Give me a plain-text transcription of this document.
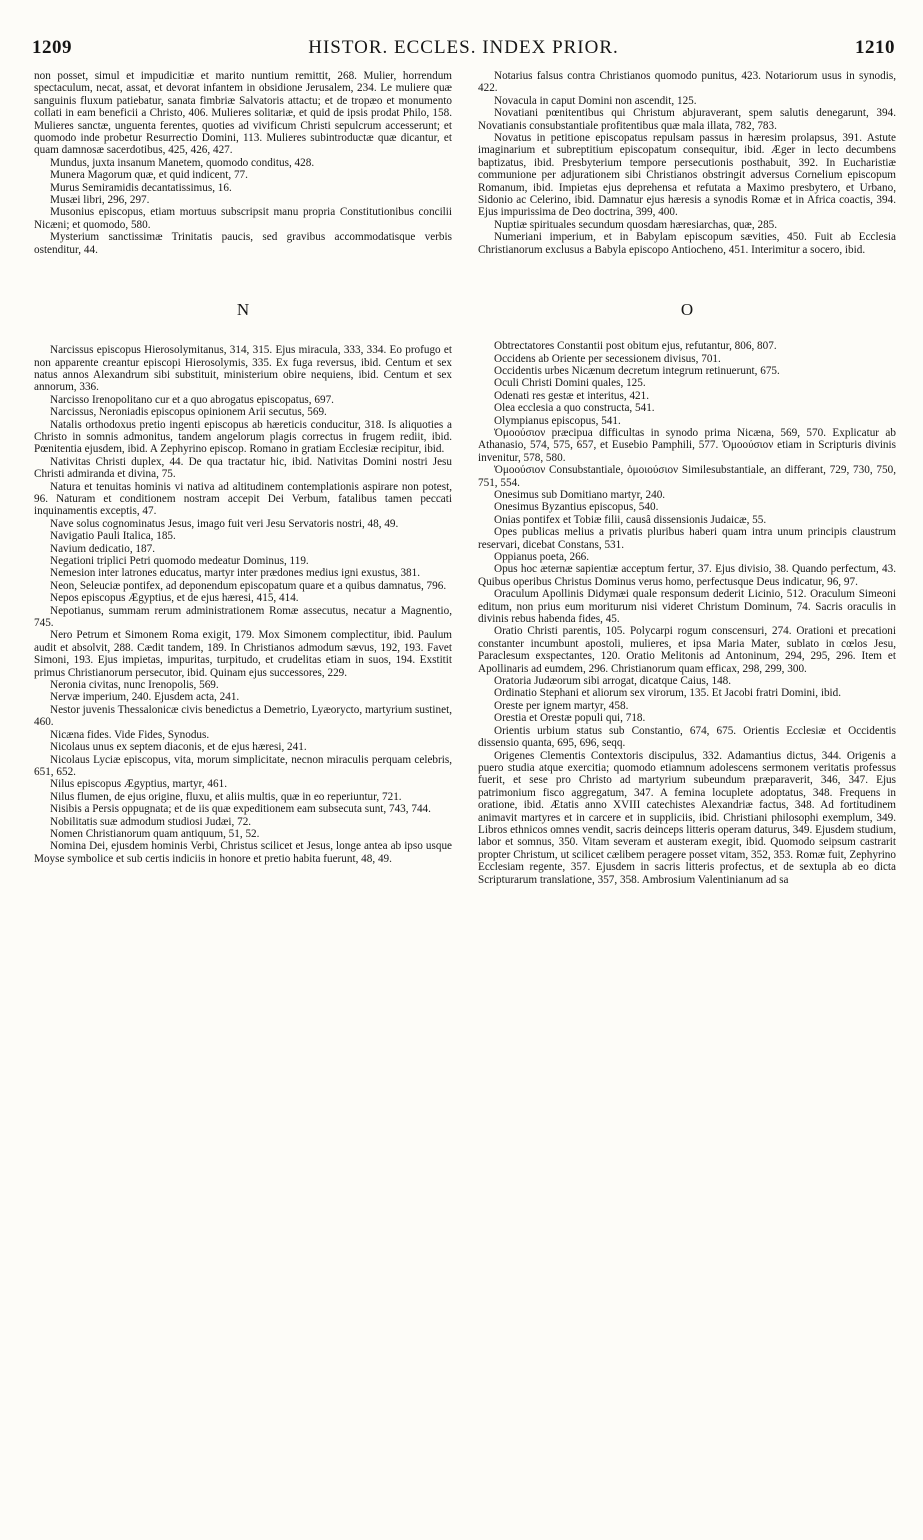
1209	HISTOR. ECCLES. INDEX PRIOR.	1210

non posset, simul et impudicitiæ et marito nuntium remittit, 268. Mulier, horrendum spectaculum, necat, assat, et devorat infantem in obsidione Jerusalem, 234. Le muliere quæ sanguinis fluxum patiebatur, sanata fimbriæ Salvatoris attactu; et de tropæo et monumento collati in eam beneficii a Christo, 406. Mulieres solitariæ, et quid de ipsis prodat Philo, 158. Mulieres sanctæ, unguenta ferentes, quoties ad vivificum Christi sepulcrum accesserunt; et quomodo inde probetur Resurrectio Domini, 113. Mulieres subintroductæ quæ dicantur, et quam damnosæ sacerdotibus, 425, 426, 427.

Mundus, juxta insanum Manetem, quomodo conditus, 428.

Munera Magorum quæ, et quid indicent, 77.

Murus Semiramidis decantatissimus, 16.

Musæi libri, 296, 297.

Musonius episcopus, etiam mortuus subscripsit manu propria Constitutionibus concilii Nicæni; et quomodo, 580.

Mysterium sanctissimæ Trinitatis paucis, sed gravibus accommodatisque verbis ostenditur, 44.

N

Narcissus episcopus Hierosolymitanus, 314, 315. Ejus miracula, 333, 334. Eo profugo et non apparente creantur episcopi Hierosolymis, 335. Ex fuga reversus, ibid. Centum et sex natus annos Alexandrum sibi substituit, ministerium obire nequiens, ibid. Centum et sex annorum, 336.

Narcisso Irenopolitano cur et a quo abrogatus episcopatus, 697.

Narcissus, Neroniadis episcopus opinionem Arii secutus, 569.

Natalis orthodoxus pretio ingenti episcopus ab hæreticis conducitur, 318. Is aliquoties a Christo in somnis admonitus, tandem angelorum plagis correctus in frugem rediit, ibid. Pœnitentia ejusdem, ibid. A Zephyrino episcop. Romano in gratiam Ecclesiæ recipitur, ibid.

Nativitas Christi duplex, 44. De qua tractatur hic, ibid. Nativitas Domini nostri Jesu Christi admiranda et divina, 75.

Natura et tenuitas hominis vi nativa ad altitudinem contemplationis aspirare non potest, 96. Naturam et conditionem nostram accepit Dei Verbum, fatalibus tamen peccati inquinamentis exceptis, 47.

Nave solus cognominatus Jesus, imago fuit veri Jesu Servatoris nostri, 48, 49.

Navigatio Pauli Italica, 185.

Navium dedicatio, 187.

Negationi triplici Petri quomodo medeatur Dominus, 119.

Nemesion inter latrones educatus, martyr inter prædones medius igni exustus, 381.

Neon, Seleuciæ pontifex, ad deponendum episcopatum quare et a quibus damnatus, 796.

Nepos episcopus Ægyptius, et de ejus hæresi, 415, 414.

Nepotianus, summam rerum administrationem Romæ assecutus, necatur a Magnentio, 745.

Nero Petrum et Simonem Roma exigit, 179. Mox Simonem complectitur, ibid. Paulum audit et absolvit, 288. Cædit tandem, 189. In Christianos admodum sævus, 192, 193. Favet Simoni, 193. Ejus impietas, impuritas, turpitudo, et crudelitas etiam in suos, 194. Exstitit primus Christianorum persecutor, ibid. Quinam ejus successores, 229.

Neronia civitas, nunc Irenopolis, 569.

Nervæ imperium, 240. Ejusdem acta, 241.

Nestor juvenis Thessalonicæ civis benedictus a Demetrio, Lyæorycto, martyrium sustinet, 460.

Nicæna fides. Vide Fides, Synodus.

Nicolaus unus ex septem diaconis, et de ejus hæresi, 241.

Nicolaus Lyciæ episcopus, vita, morum simplicitate, necnon miraculis perquam celebris, 651, 652.

Nilus episcopus Ægyptius, martyr, 461.

Nilus flumen, de ejus origine, fluxu, et aliis multis, quæ in eo reperiuntur, 721.

Nisibis a Persis oppugnata; et de iis quæ expeditionem eam subsecuta sunt, 743, 744.

Nobilitatis suæ admodum studiosi Judæi, 72.

Nomen Christianorum quam antiquum, 51, 52.

Nomina Dei, ejusdem hominis Verbi, Christus scilicet et Jesus, longe antea ab ipso usque Moyse symbolice et sub certis indiciis in honore et pretio habita fuerunt, 48, 49.

Notarius falsus contra Christianos quomodo punitus, 423. Notariorum usus in synodis, 422.

Novacula in caput Domini non ascendit, 125.

Novatiani pœnitentibus qui Christum abjuraverant, spem salutis denegarunt, 394. Novatianis consubstantiale profitentibus quæ mala illata, 782, 783.

Novatus in petitione episcopatus repulsam passus in hæresim prolapsus, 391. Astute imaginarium et subreptitium episcopatum consequitur, ibid. Æger in lecto decumbens baptizatus, ibid. Presbyterium tempore persecutionis posthabuit, 392. In Eucharistiæ communione per adjurationem sibi Christianos obstringit adversus Cornelium episcopum Romanum, ibid. Impietas ejus deprehensa et refutata a Maximo presbytero, et Urbano, Sidonio ac Celerino, ibid. Damnatur ejus hæresis a synodis Romæ et in Africa coactis, 394. Ejus impurissima de Deo doctrina, 399, 400.

Nuptiæ spirituales secundum quosdam hæresiarchas, quæ, 285.

Numeriani imperium, et in Babylam episcopum sævities, 450. Fuit ab Ecclesia Christianorum exclusus a Babyla episcopo Antiocheno, 451. Interimitur a socero, ibid.

O

Obtrectatores Constantii post obitum ejus, refutantur, 806, 807.

Occidens ab Oriente per secessionem divisus, 701.

Occidentis urbes Nicænum decretum integrum retinuerunt, 675.

Oculi Christi Domini quales, 125.

Odenati res gestæ et interitus, 421.

Olea ecclesia a quo constructa, 541.

Olympianus episcopus, 541.

Ὁμοούσιον præcipua difficultas in synodo prima Nicæna, 569, 570. Explicatur ab Athanasio, 574, 575, 657, et Eusebio Pamphili, 577. Ὁμοούσιον etiam in Scripturis divinis invenitur, 578, 580.

Ὁμοούσιον Consubstantiale, ὁμοιούσιον Similesubstantiale, an differant, 729, 730, 750, 751, 554.

Onesimus sub Domitiano martyr, 240.

Onesimus Byzantius episcopus, 540.

Onias pontifex et Tobiæ filii, causâ dissensionis Judaicæ, 55.

Opes publicas melius a privatis pluribus haberi quam intra unum principis claustrum reservari, dicebat Constans, 531.

Oppianus poeta, 266.

Opus hoc æternæ sapientiæ acceptum fertur, 37. Ejus divisio, 38. Quando perfectum, 43. Quibus operibus Christus Dominus verus homo, perfectusque Deus indicatur, 96, 97.

Oraculum Apollinis Didymæi quale responsum dederit Licinio, 512. Oraculum Simeoni editum, non prius eum moriturum nisi videret Christum Dominum, 74. Sacris oraculis in divinis rebus habenda fides, 45.

Oratio Christi parentis, 105. Polycarpi rogum conscensuri, 274. Orationi et precationi constanter incumbunt apostoli, mulieres, et ipsa Maria Mater, sublato in cœlos Jesu, Paraclesum exspectantes, 120. Oratio Melitonis ad Antoninum, 294, 295, 296. Item et Apollinaris ad eumdem, 296. Christianorum quam efficax, 298, 299, 300.

Oratoria Judæorum sibi arrogat, dicatque Caius, 148.

Ordinatio Stephani et aliorum sex virorum, 135. Et Jacobi fratri Domini, ibid.

Oreste per ignem martyr, 458.

Orestia et Orestæ populi qui, 718.

Orientis urbium status sub Constantio, 674, 675. Orientis Ecclesiæ et Occidentis dissensio quanta, 695, 696, seqq.

Origenes Clementis Contextoris discipulus, 332. Adamantius dictus, 344. Origenis a puero studia atque exercitia; quomodo etiamnum adolescens sermonem veritatis professus fuerit, et sese pro Christo ad martyrium subeundum præparaverit, 346, 347. Ejus patrimonium fisco aggregatum, 347. A femina locuplete adoptatus, 348. Frequens in oratione, ibid. Ætatis anno XVIII catechistes Alexandriæ factus, 348. Ad fortitudinem animavit martyres et in carcere et in suppliciis, ibid. Christiani philosophi exemplum, 349. Libros ethnicos omnes vendit, sacris deinceps litteris operam daturus, 349. Ejusdem studium, labor et somnus, 350. Vitam severam et austeram exegit, ibid. Quomodo seipsum castrarit propter Christum, ut scilicet cælibem peragere posset vitam, 352, 353. Romæ fuit, Zephyrino Ecclesiam regente, 357. Ejusdem in sacris litteris profectus, et de sextupla ab eo dicta Scripturarum translatione, 357, 358. Ambrosium Valentinianum ad sa
